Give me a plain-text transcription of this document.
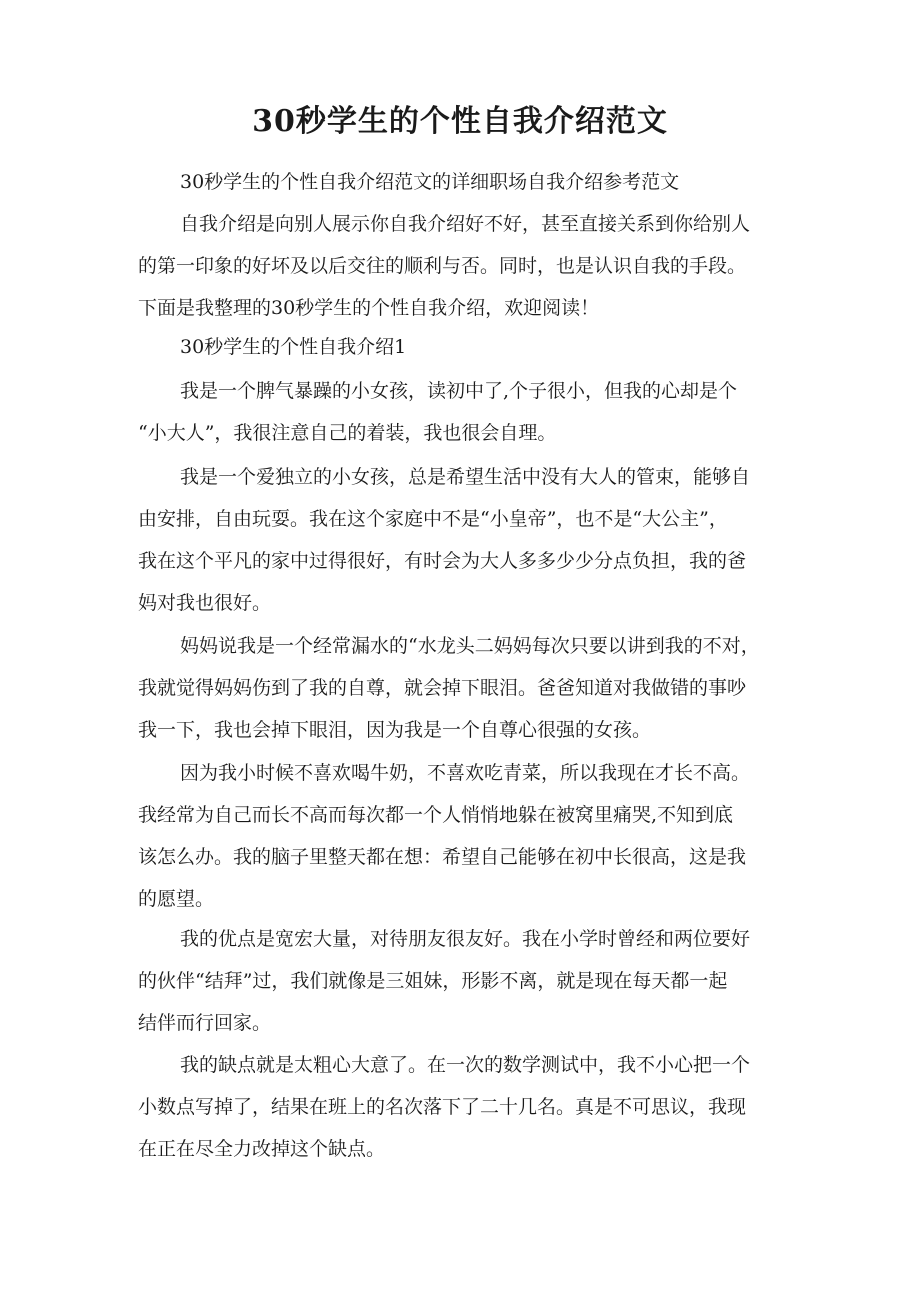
30秒学生的个性自我介绍范文

30秒学生的个性自我介绍范文的详细职场自我介绍参考范文

自我介绍是向别人展示你自我介绍好不好，甚至直接关系到你给别人
的第一印象的好坏及以后交往的顺利与否。同时，也是认识自我的手段。
下面是我整理的30秒学生的个性自我介绍，欢迎阅读！

30秒学生的个性自我介绍1

我是一个脾气暴躁的小女孩，读初中了,个子很小，但我的心却是个
“小大人”，我很注意自己的着装，我也很会自理。

我是一个爱独立的小女孩，总是希望生活中没有大人的管束，能够自
由安排，自由玩耍。我在这个家庭中不是“小皇帝”，也不是“大公主”，
我在这个平凡的家中过得很好，有时会为大人多多少少分点负担，我的爸
妈对我也很好。

妈妈说我是一个经常漏水的“水龙头二妈妈每次只要以讲到我的不对，
我就觉得妈妈伤到了我的自尊，就会掉下眼泪。爸爸知道对我做错的事吵
我一下，我也会掉下眼泪，因为我是一个自尊心很强的女孩。

因为我小时候不喜欢喝牛奶，不喜欢吃青菜，所以我现在才长不高。
我经常为自己而长不高而每次都一个人悄悄地躲在被窝里痛哭,不知到底
该怎么办。我的脑子里整天都在想：希望自己能够在初中长很高，这是我
的愿望。

我的优点是宽宏大量，对待朋友很友好。我在小学时曾经和两位要好
的伙伴“结拜”过，我们就像是三姐妹，形影不离，就是现在每天都一起
结伴而行回家。

我的缺点就是太粗心大意了。在一次的数学测试中，我不小心把一个
小数点写掉了，结果在班上的名次落下了二十几名。真是不可思议，我现
在正在尽全力改掉这个缺点。
